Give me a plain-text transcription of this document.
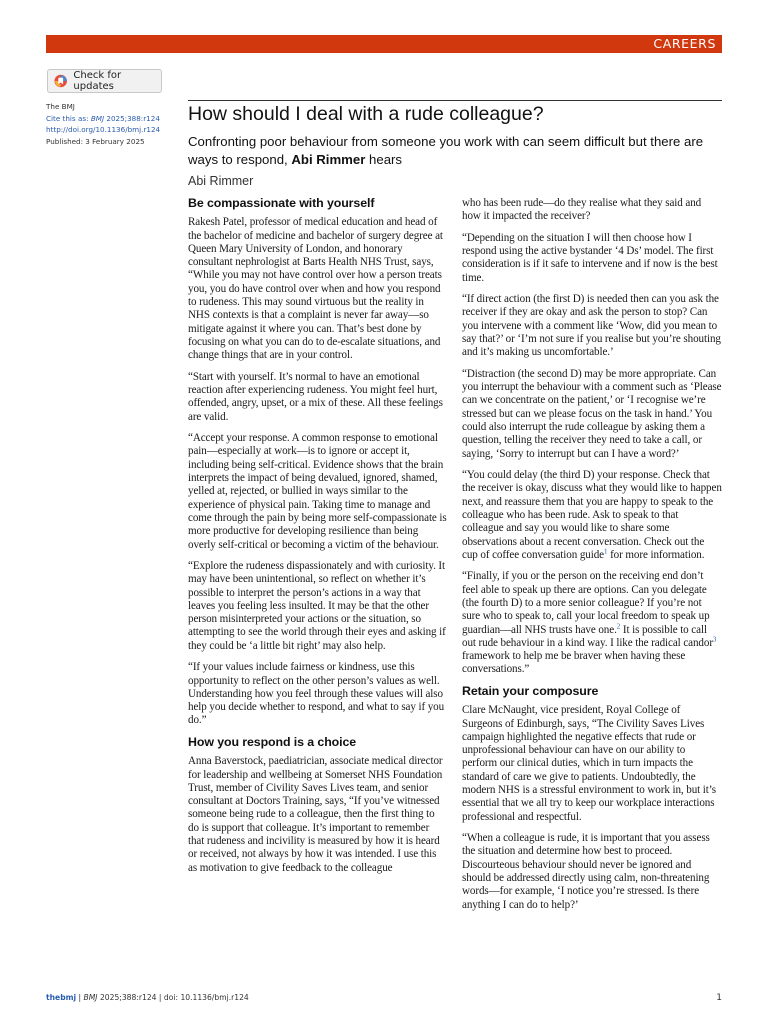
CAREERS
Check for updates
The BMJ
Cite this as: BMJ 2025;388:r124
http://doi.org/10.1136/bmj.r124
Published: 3 February 2025
How should I deal with a rude colleague?
Confronting poor behaviour from someone you work with can seem difficult but there are ways to respond, Abi Rimmer hears
Abi Rimmer
Be compassionate with yourself

Rakesh Patel, professor of medical education and head of the bachelor of medicine and bachelor of surgery degree at Queen Mary University of London, and honorary consultant nephrologist at Barts Health NHS Trust, says, “While you may not have control over how a person treats you, you do have control over when and how you respond to rudeness. This may sound virtuous but the reality in NHS contexts is that a complaint is never far away—so mitigate against it where you can. That’s best done by focusing on what you can do to de-escalate situations, and change things that are in your control.

“Start with yourself. It’s normal to have an emotional reaction after experiencing rudeness. You might feel hurt, offended, angry, upset, or a mix of these. All these feelings are valid.

“Accept your response. A common response to emotional pain—especially at work—is to ignore or accept it, including being self-critical. Evidence shows that the brain interprets the impact of being devalued, ignored, shamed, yelled at, rejected, or bullied in ways similar to the experience of physical pain. Taking time to manage and come through the pain by being more self-compassionate is more productive for developing resilience than being overly self-critical or becoming a victim of the behaviour.

“Explore the rudeness dispassionately and with curiosity. It may have been unintentional, so reflect on whether it’s possible to interpret the person’s actions in a way that leaves you feeling less insulted. It may be that the other person misinterpreted your actions or the situation, so attempting to see the world through their eyes and asking if they could be ‘a little bit right’ may also help.

“If your values include fairness or kindness, use this opportunity to reflect on the other person’s values as well. Understanding how you feel through these values will also help you decide whether to respond, and what to say if you do.”

How you respond is a choice

Anna Baverstock, paediatrician, associate medical director for leadership and wellbeing at Somerset NHS Foundation Trust, member of Civility Saves Lives team, and senior consultant at Doctors Training, says, “If you’ve witnessed someone being rude to a colleague, then the first thing to do is support that colleague. It’s important to remember that rudeness and incivility is measured by how it is heard or received, not always by how it was intended. I use this as motivation to give feedback to the colleague

who has been rude—do they realise what they said and how it impacted the receiver?

“Depending on the situation I will then choose how I respond using the active bystander ‘4 Ds’ model. The first consideration is if it safe to intervene and if now is the best time.

“If direct action (the first D) is needed then can you ask the receiver if they are okay and ask the person to stop? Can you intervene with a comment like ‘Wow, did you mean to say that?’ or ‘I’m not sure if you realise but you’re shouting and it’s making us uncomfortable.’

“Distraction (the second D) may be more appropriate. Can you interrupt the behaviour with a comment such as ‘Please can we concentrate on the patient,’ or ‘I recognise we’re stressed but can we please focus on the task in hand.’ You could also interrupt the rude colleague by asking them a question, telling the receiver they need to take a call, or saying, ‘Sorry to interrupt but can I have a word?’

“You could delay (the third D) your response. Check that the receiver is okay, discuss what they would like to happen next, and reassure them that you are happy to speak to the colleague who has been rude. Ask to speak to that colleague and say you would like to share some observations about a recent conversation. Check out the cup of coffee conversation guide$^1$ for more information.

“Finally, if you or the person on the receiving end don’t feel able to speak up there are options. Can you delegate (the fourth D) to a more senior colleague? If you’re not sure who to speak to, call your local freedom to speak up guardian—all NHS trusts have one.$^2$ It is possible to call out rude behaviour in a kind way. I like the radical candor$^3$ framework to help me be braver when having these conversations.”

Retain your composure

Clare McNaught, vice president, Royal College of Surgeons of Edinburgh, says, “The Civility Saves Lives campaign highlighted the negative effects that rude or unprofessional behaviour can have on our ability to perform our clinical duties, which in turn impacts the standard of care we give to patients. Undoubtedly, the modern NHS is a stressful environment to work in, but it’s essential that we all try to keep our workplace interactions professional and respectful.

“When a colleague is rude, it is important that you assess the situation and determine how best to proceed. Discourteous behaviour should never be ignored and should be addressed directly using calm, non-threatening words—for example, ‘I notice you’re stressed. Is there anything I can do to help?’

thebmj | BMJ 2025;388:r124 | doi: 10.1136/bmj.r124	1
